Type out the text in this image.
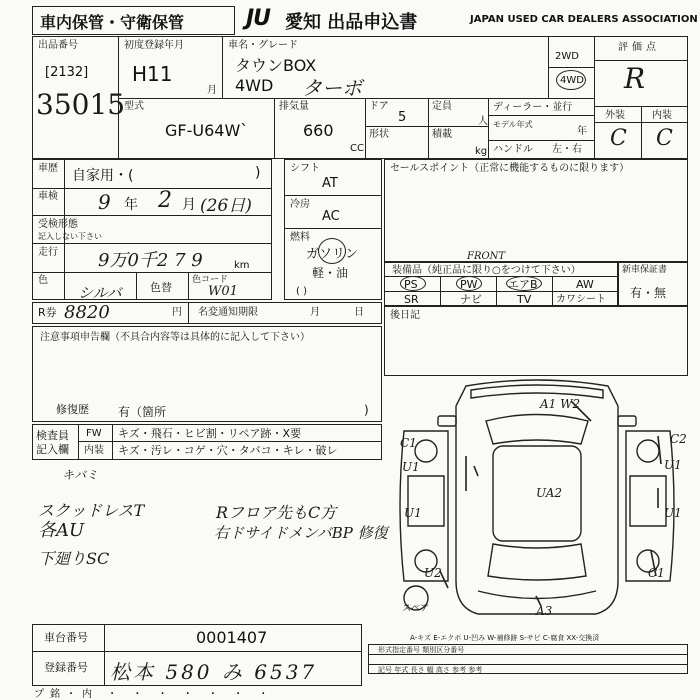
車内保管・守衛保管	JU 愛知 出品申込書	JAPAN USED CAR DEALERS ASSOCIATION
出品番号
[2132]
35015
初度登録年月
H11
月
車名・グレード
タウンBOX
4WD ターボ
2WD
4WD
評価点
R
外装	内装
C C
型式
GF-U64W`
排気量
660
CC
ドア
5
定員
人
形状	積載
kg
ディーラー・並行
モデル年式
年
ハンドル 左・右
車歴 自家用・(	)
車検 9 年 2 月 (26日)
受検形態
記入しない下さい
走行 9万0千2 7 9	km
色
シルバ	色替
色コード
W01
R券 8820	円 名変通知期限	月	日
シフト
AT
冷房
AC
燃料
ガソリン
軽・油
( )
セールスポイント（正常に機能するものに限ります）
装備品（純正品に限り○をつけて下さい）
FRONT
PS	PW	エアB	AW
SR	ナビ	TV カワシート
新車保証書
有・無
後日記
注意事項申告欄（不具合内容等は具体的に記入して下さい）
修復歴 有（箇所	)
検査員記入欄
FW キズ・飛石・ヒビ割・リペア跡・X要
内装 キズ・汚レ・コゲ・穴・タバコ・キレ・破レ
キバミ
スクッドレスT	Rフロア先もC方
各AU	右ドサイドメンバBP 修復
下廻りSC
A1 W2
C1	C2
U1	U1
UA2
U1	U1
U2	C1
A3
スペア
A-キズ E-エクボ U-凹み W-補修跡 S-サビ C-腐食 XX-交換済
形式指定番号 類別区分番号
記号 年式 長さ 幅 高さ 参考 参考
車台番号	0001407
登録番号 松本 580 み 6537
プ銘・内 ・ ・ ・ ・ ・ ・ ・
